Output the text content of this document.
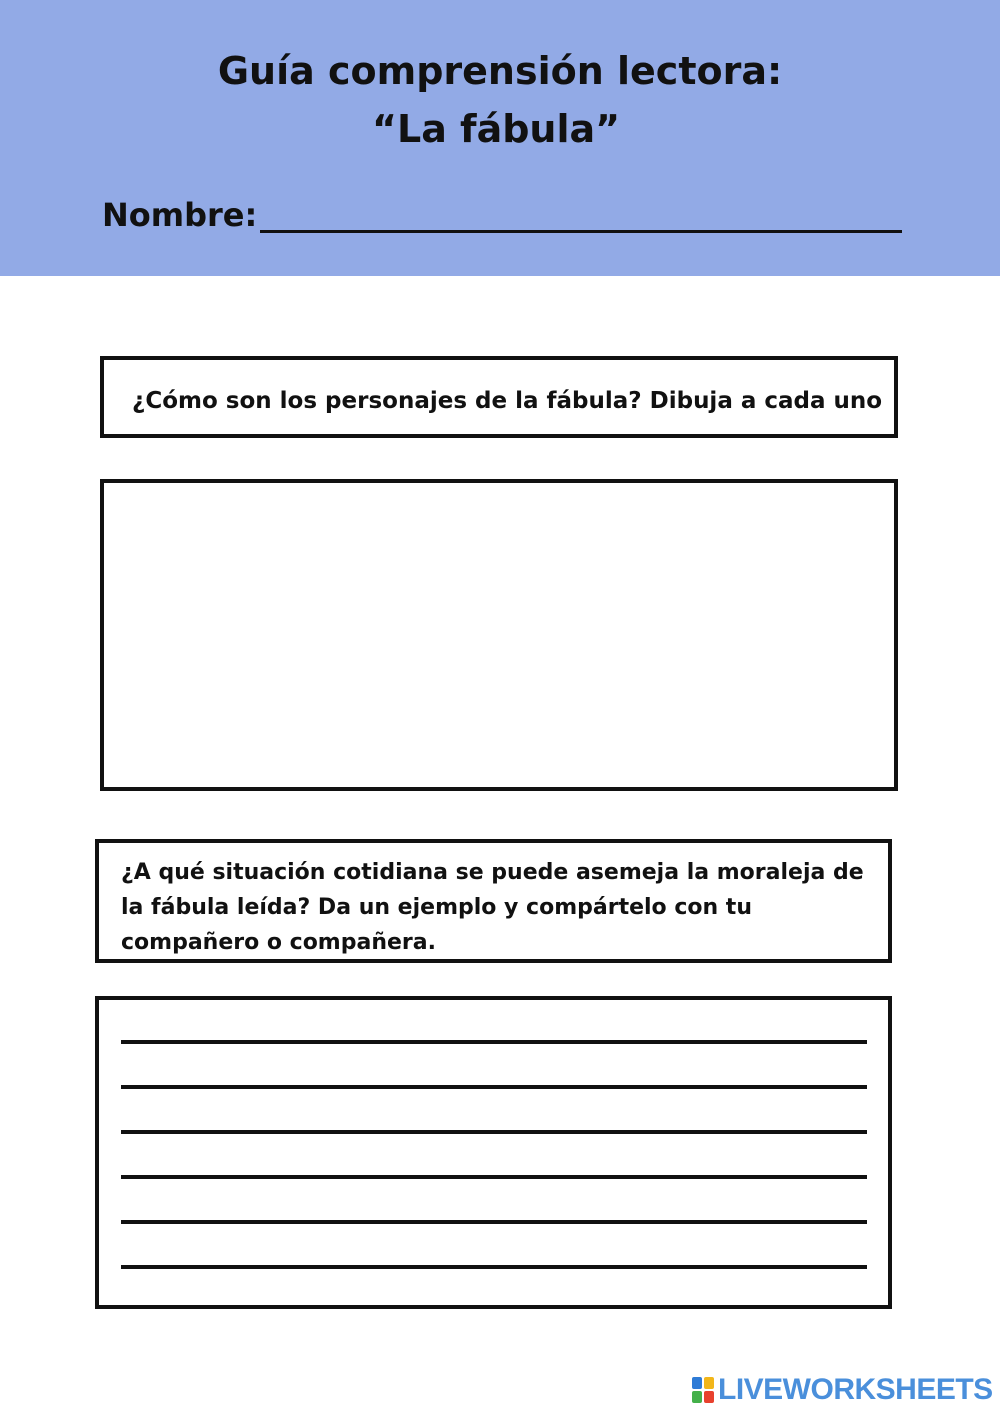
Guía comprensión lectora:
“La fábula”
Nombre:

¿Cómo son los personajes de la fábula? Dibuja a cada uno

¿A qué situación cotidiana se puede asemeja la moraleja de la fábula leída? Da un ejemplo y compártelo con tu compañero o compañera.

LIVEWORKSHEETS
